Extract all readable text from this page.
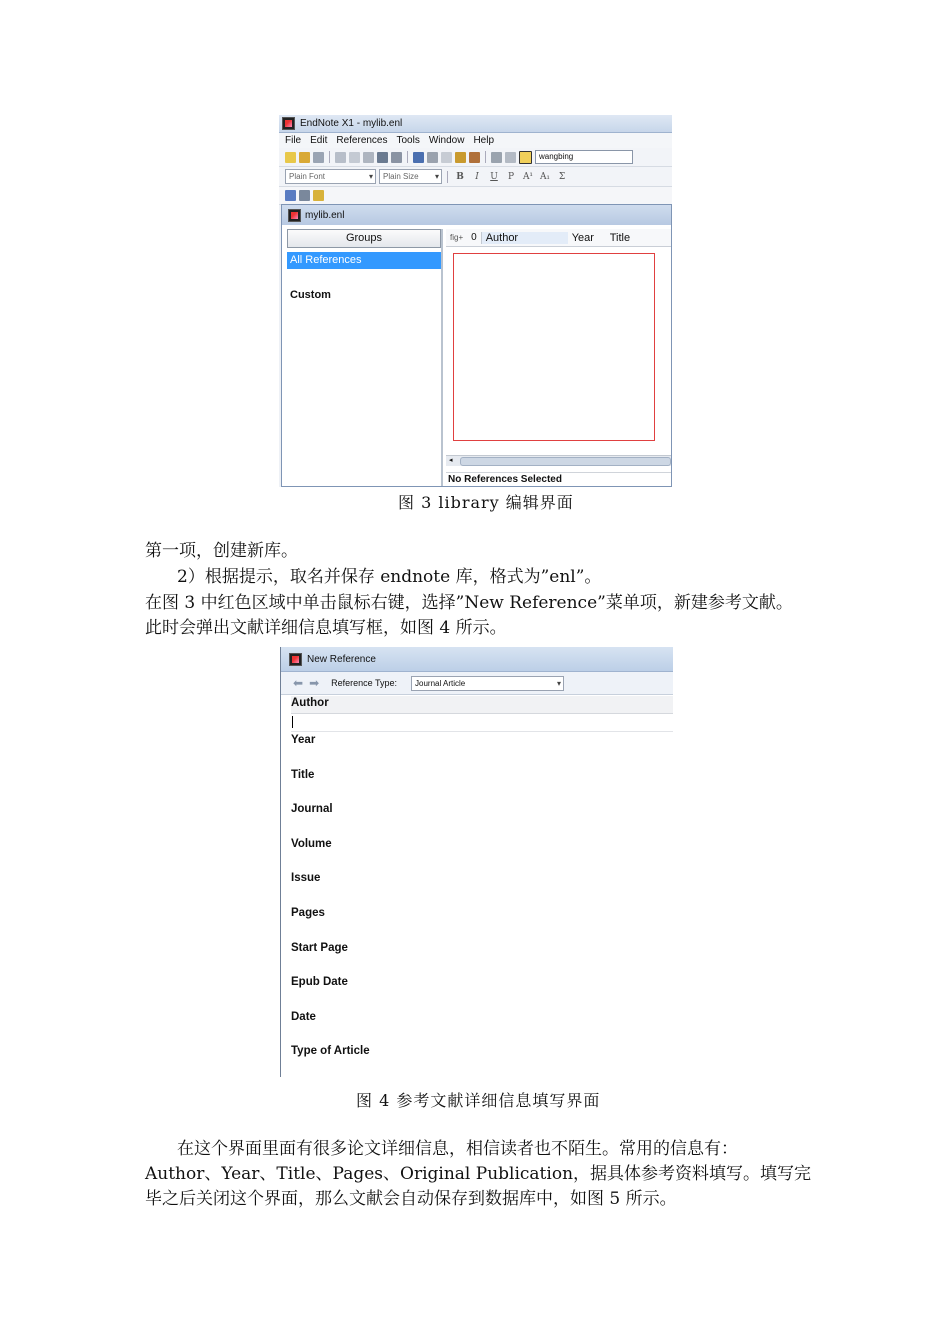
EndNote X1 - mylib.enl
File Edit References Tools Window Help
wangbing
Plain Font ▾	Plain Size ▾	B	I	U	P A¹ A₁ Σ
mylib.enl
Groups
All References
Custom
fig+ 0 Author	Year	Title
◂
No References Selected
图 3 library 编辑界面
第一项，创建新库。
2）根据提示，取名并保存 endnote 库，格式为”enl”。
在图 3 中红色区域中单击鼠标右键，选择”New Reference”菜单项，新建参考文献。
此时会弹出文献详细信息填写框，如图 4 所示。
New Reference
⬅ ➡ Reference Type:	Journal Article ▾
Author
Year
Title
Journal
Volume
Issue
Pages
Start Page
Epub Date
Date
Type of Article
图 4 参考文献详细信息填写界面
在这个界面里面有很多论文详细信息，相信读者也不陌生。常用的信息有：
Author、Year、Title、Pages、Original Publication，据具体参考资料填写。填写完
毕之后关闭这个界面，那么文献会自动保存到数据库中，如图 5 所示。
